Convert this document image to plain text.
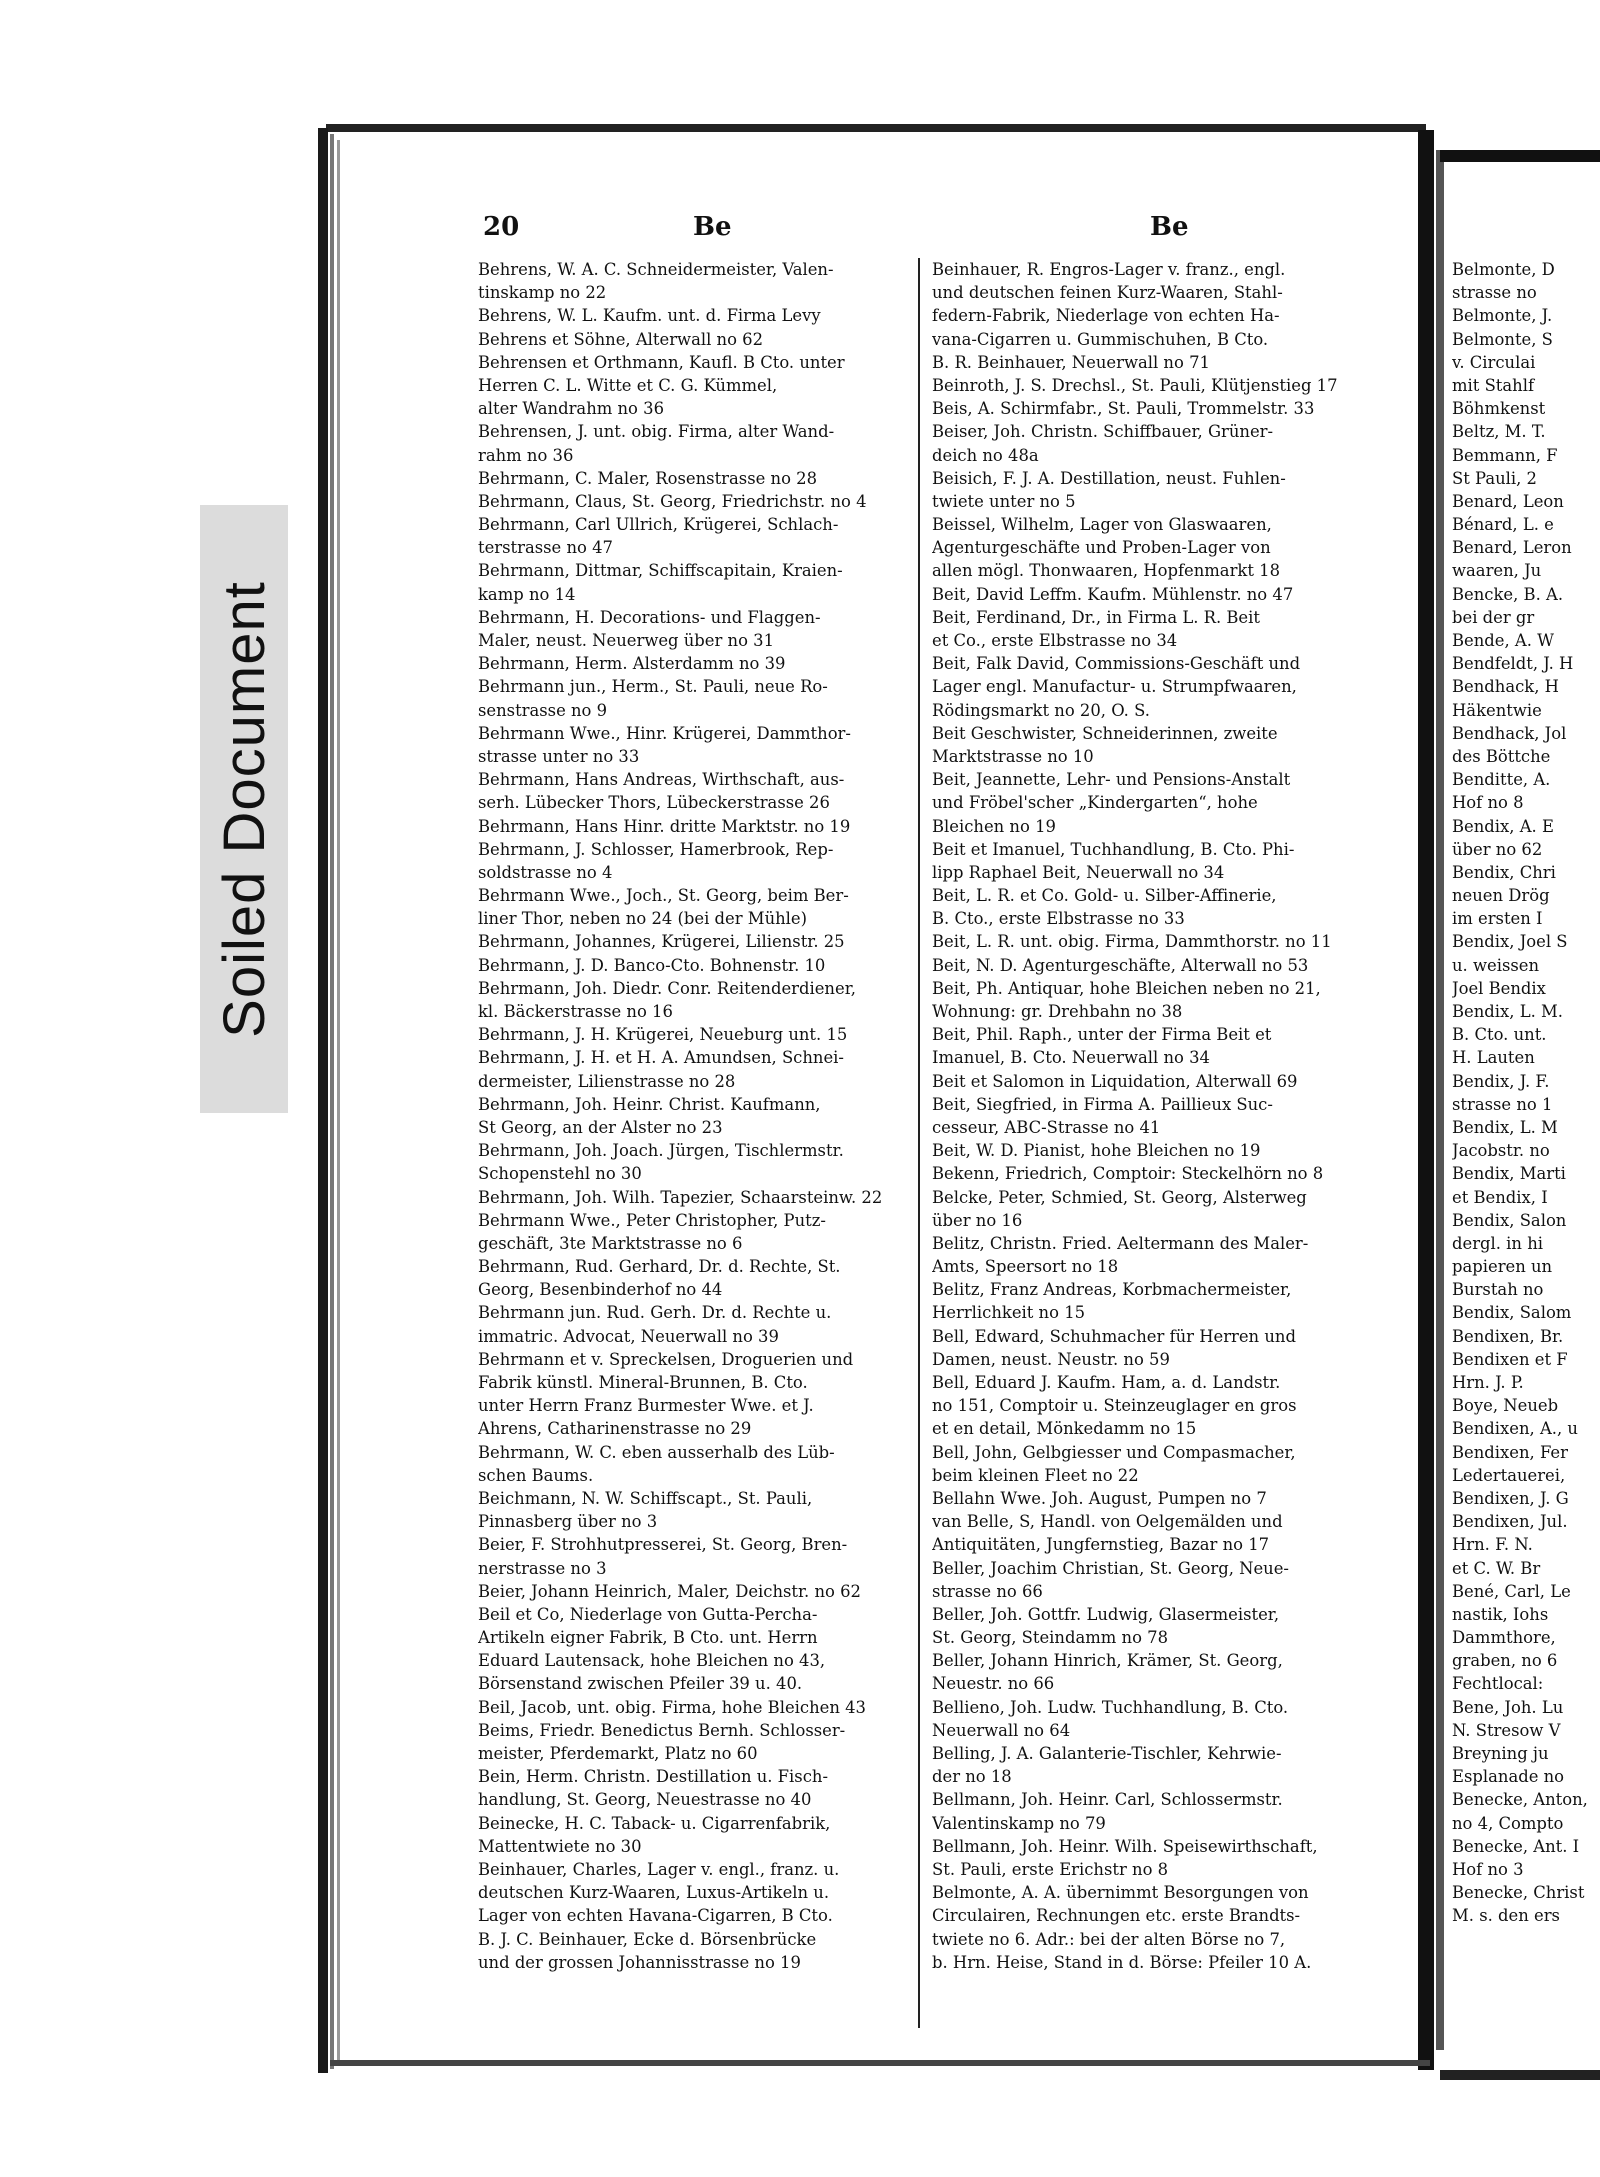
Soiled Document
20	Be	Be
Behrens, W. A. C. Schneidermeister, Valen-
tinskamp no 22
Behrens, W. L. Kaufm. unt. d. Firma Levy
Behrens et Söhne, Alterwall no 62
Behrensen et Orthmann, Kaufl. B Cto. unter
Herren C. L. Witte et C. G. Kümmel,
alter Wandrahm no 36
Behrensen, J. unt. obig. Firma, alter Wand-
rahm no 36
Behrmann, C. Maler, Rosenstrasse no 28
Behrmann, Claus, St. Georg, Friedrichstr. no 4
Behrmann, Carl Ullrich, Krügerei, Schlach-
terstrasse no 47
Behrmann, Dittmar, Schiffscapitain, Kraien-
kamp no 14
Behrmann, H. Decorations- und Flaggen-
Maler, neust. Neuerweg über no 31
Behrmann, Herm. Alsterdamm no 39
Behrmann jun., Herm., St. Pauli, neue Ro-
senstrasse no 9
Behrmann Wwe., Hinr. Krügerei, Dammthor-
strasse unter no 33
Behrmann, Hans Andreas, Wirthschaft, aus-
serh. Lübecker Thors, Lübeckerstrasse 26
Behrmann, Hans Hinr. dritte Marktstr. no 19
Behrmann, J. Schlosser, Hamerbrook, Rep-
soldstrasse no 4
Behrmann Wwe., Joch., St. Georg, beim Ber-
liner Thor, neben no 24 (bei der Mühle)
Behrmann, Johannes, Krügerei, Lilienstr. 25
Behrmann, J. D. Banco-Cto. Bohnenstr. 10
Behrmann, Joh. Diedr. Conr. Reitenderdiener,
kl. Bäckerstrasse no 16
Behrmann, J. H. Krügerei, Neueburg unt. 15
Behrmann, J. H. et H. A. Amundsen, Schnei-
dermeister, Lilienstrasse no 28
Behrmann, Joh. Heinr. Christ. Kaufmann,
St Georg, an der Alster no 23
Behrmann, Joh. Joach. Jürgen, Tischlermstr.
Schopenstehl no 30
Behrmann, Joh. Wilh. Tapezier, Schaarsteinw. 22
Behrmann Wwe., Peter Christopher, Putz-
geschäft, 3te Marktstrasse no 6
Behrmann, Rud. Gerhard, Dr. d. Rechte, St.
Georg, Besenbinderhof no 44
Behrmann jun. Rud. Gerh. Dr. d. Rechte u.
immatric. Advocat, Neuerwall no 39
Behrmann et v. Spreckelsen, Droguerien und
Fabrik künstl. Mineral-Brunnen, B. Cto.
unter Herrn Franz Burmester Wwe. et J.
Ahrens, Catharinenstrasse no 29
Behrmann, W. C. eben ausserhalb des Lüb-
schen Baums.
Beichmann, N. W. Schiffscapt., St. Pauli,
Pinnasberg über no 3
Beier, F. Strohhutpresserei, St. Georg, Bren-
nerstrasse no 3
Beier, Johann Heinrich, Maler, Deichstr. no 62
Beil et Co, Niederlage von Gutta-Percha-
Artikeln eigner Fabrik, B Cto. unt. Herrn
Eduard Lautensack, hohe Bleichen no 43,
Börsenstand zwischen Pfeiler 39 u. 40.
Beil, Jacob, unt. obig. Firma, hohe Bleichen 43
Beims, Friedr. Benedictus Bernh. Schlosser-
meister, Pferdemarkt, Platz no 60
Bein, Herm. Christn. Destillation u. Fisch-
handlung, St. Georg, Neuestrasse no 40
Beinecke, H. C. Taback- u. Cigarrenfabrik,
Mattentwiete no 30
Beinhauer, Charles, Lager v. engl., franz. u.
deutschen Kurz-Waaren, Luxus-Artikeln u.
Lager von echten Havana-Cigarren, B Cto.
B. J. C. Beinhauer, Ecke d. Börsenbrücke
und der grossen Johannisstrasse no 19
Beinhauer, R. Engros-Lager v. franz., engl.
und deutschen feinen Kurz-Waaren, Stahl-
federn-Fabrik, Niederlage von echten Ha-
vana-Cigarren u. Gummischuhen, B Cto.
B. R. Beinhauer, Neuerwall no 71
Beinroth, J. S. Drechsl., St. Pauli, Klütjenstieg 17
Beis, A. Schirmfabr., St. Pauli, Trommelstr. 33
Beiser, Joh. Christn. Schiffbauer, Grüner-
deich no 48a
Beisich, F. J. A. Destillation, neust. Fuhlen-
twiete unter no 5
Beissel, Wilhelm, Lager von Glaswaaren,
Agenturgeschäfte und Proben-Lager von
allen mögl. Thonwaaren, Hopfenmarkt 18
Beit, David Leffm. Kaufm. Mühlenstr. no 47
Beit, Ferdinand, Dr., in Firma L. R. Beit
et Co., erste Elbstrasse no 34
Beit, Falk David, Commissions-Geschäft und
Lager engl. Manufactur- u. Strumpfwaaren,
Rödingsmarkt no 20, O. S.
Beit Geschwister, Schneiderinnen, zweite
Marktstrasse no 10
Beit, Jeannette, Lehr- und Pensions-Anstalt
und Fröbel'scher „Kindergarten“, hohe
Bleichen no 19
Beit et Imanuel, Tuchhandlung, B. Cto. Phi-
lipp Raphael Beit, Neuerwall no 34
Beit, L. R. et Co. Gold- u. Silber-Affinerie,
B. Cto., erste Elbstrasse no 33
Beit, L. R. unt. obig. Firma, Dammthorstr. no 11
Beit, N. D. Agenturgeschäfte, Alterwall no 53
Beit, Ph. Antiquar, hohe Bleichen neben no 21,
Wohnung: gr. Drehbahn no 38
Beit, Phil. Raph., unter der Firma Beit et
Imanuel, B. Cto. Neuerwall no 34
Beit et Salomon in Liquidation, Alterwall 69
Beit, Siegfried, in Firma A. Paillieux Suc-
cesseur, ABC-Strasse no 41
Beit, W. D. Pianist, hohe Bleichen no 19
Bekenn, Friedrich, Comptoir: Steckelhörn no 8
Belcke, Peter, Schmied, St. Georg, Alsterweg
über no 16
Belitz, Christn. Fried. Aeltermann des Maler-
Amts, Speersort no 18
Belitz, Franz Andreas, Korbmachermeister,
Herrlichkeit no 15
Bell, Edward, Schuhmacher für Herren und
Damen, neust. Neustr. no 59
Bell, Eduard J. Kaufm. Ham, a. d. Landstr.
no 151, Comptoir u. Steinzeuglager en gros
et en detail, Mönkedamm no 15
Bell, John, Gelbgiesser und Compasmacher,
beim kleinen Fleet no 22
Bellahn Wwe. Joh. August, Pumpen no 7
van Belle, S, Handl. von Oelgemälden und
Antiquitäten, Jungfernstieg, Bazar no 17
Beller, Joachim Christian, St. Georg, Neue-
strasse no 66
Beller, Joh. Gottfr. Ludwig, Glasermeister,
St. Georg, Steindamm no 78
Beller, Johann Hinrich, Krämer, St. Georg,
Neuestr. no 66
Bellieno, Joh. Ludw. Tuchhandlung, B. Cto.
Neuerwall no 64
Belling, J. A. Galanterie-Tischler, Kehrwie-
der no 18
Bellmann, Joh. Heinr. Carl, Schlossermstr.
Valentinskamp no 79
Bellmann, Joh. Heinr. Wilh. Speisewirthschaft,
St. Pauli, erste Erichstr no 8
Belmonte, A. A. übernimmt Besorgungen von
Circulairen, Rechnungen etc. erste Brandts-
twiete no 6. Adr.: bei der alten Börse no 7,
b. Hrn. Heise, Stand in d. Börse: Pfeiler 10 A.
Belmonte, D
strasse no
Belmonte, J.
Belmonte, S
v. Circulai
mit Stahlf
Böhmkenst
Beltz, M. T.
Bemmann, F
St Pauli, 2
Benard, Leon
Bénard, L. e
Benard, Leron
waaren, Ju
Bencke, B. A.
bei der gr
Bende, A. W
Bendfeldt, J. H
Bendhack, H
Häkentwie
Bendhack, Jol
des Böttche
Benditte, A.
Hof no 8
Bendix, A. E
über no 62
Bendix, Chri
neuen Drög
im ersten I
Bendix, Joel S
u. weissen
Joel Bendix
Bendix, L. M.
B. Cto. unt.
H. Lauten
Bendix, J. F.
strasse no 1
Bendix, L. M
Jacobstr. no
Bendix, Marti
et Bendix, I
Bendix, Salon
dergl. in hi
papieren un
Burstah no
Bendix, Salom
Bendixen, Br.
Bendixen et F
Hrn. J. P.
Boye, Neueb
Bendixen, A., u
Bendixen, Fer
Ledertauerei,
Bendixen, J. G
Bendixen, Jul.
Hrn. F. N.
et C. W. Br
Bené, Carl, Le
nastik, Iohs
Dammthore,
graben, no 6
Fechtlocal:
Bene, Joh. Lu
N. Stresow V
Breyning ju
Esplanade no
Benecke, Anton,
no 4, Compto
Benecke, Ant. I
Hof no 3
Benecke, Christ
M. s. den ers
